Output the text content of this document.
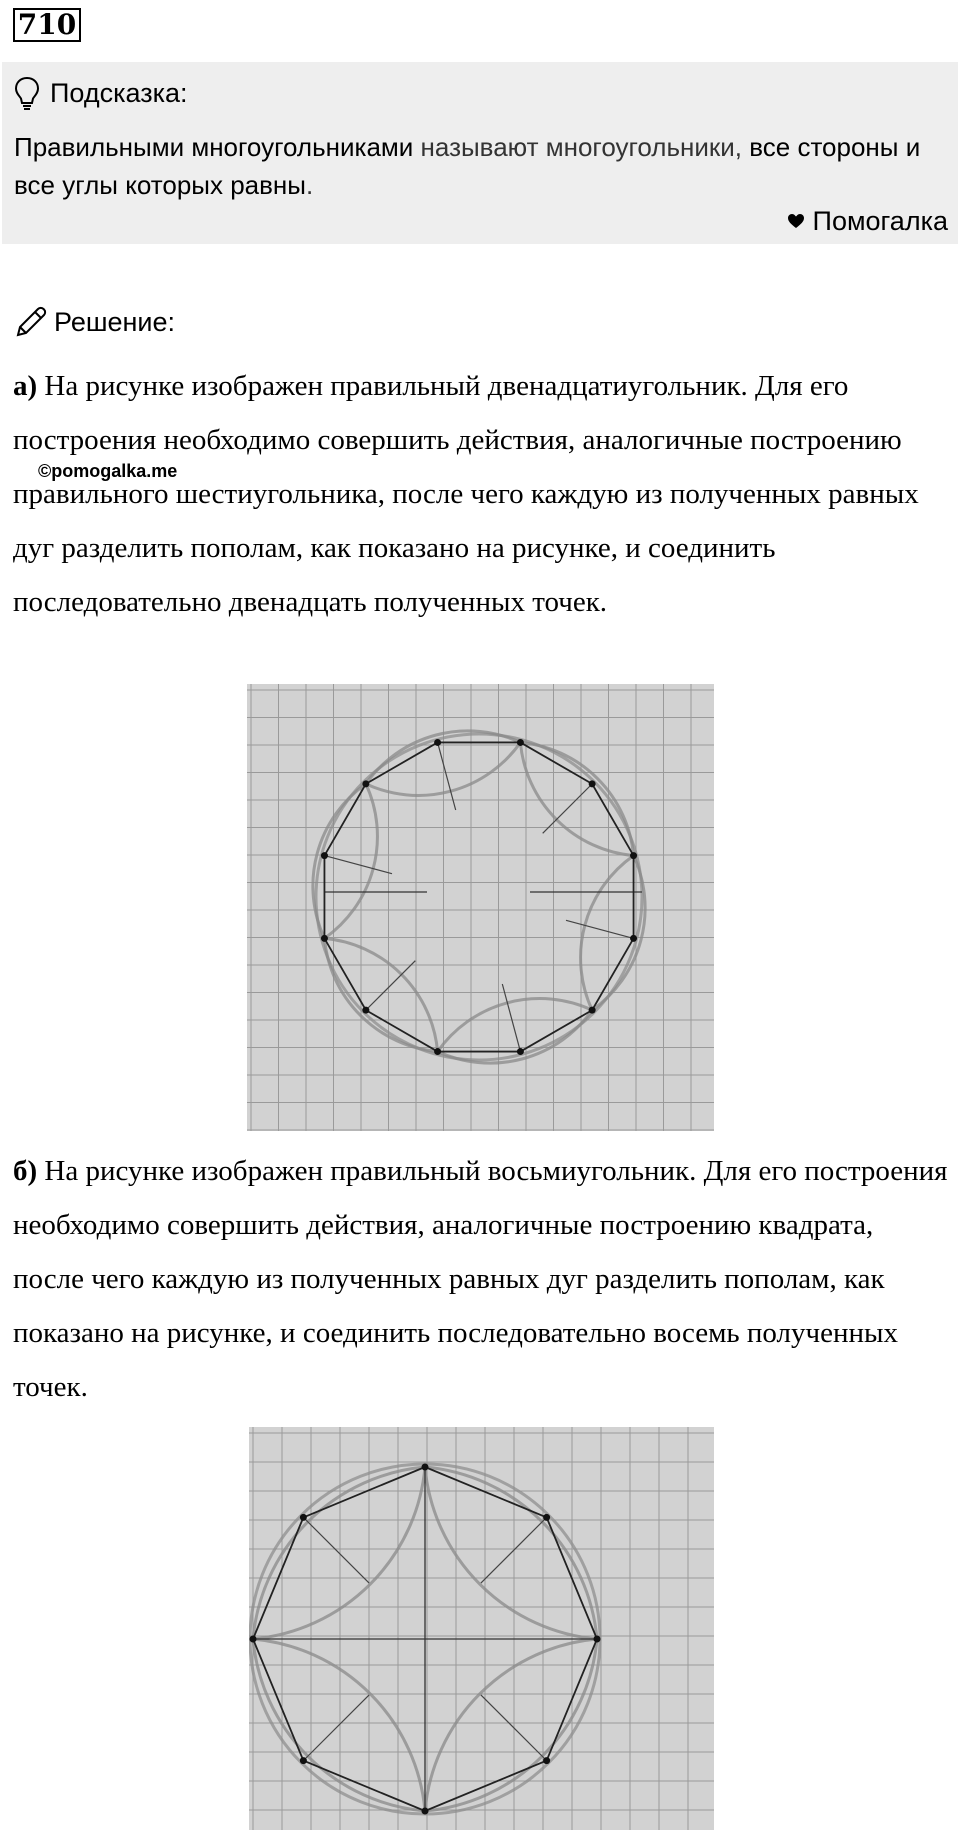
710
Подсказка:
Правильными многоугольниками называют многоугольники, все стороны и все углы которых равны.
Помогалка
Решение:
а) На рисунке изображен правильный двенадцатиугольник. Для его построения необходимо совершить действия, аналогичные построению правильного шестиугольника, после чего каждую из полученных равных дуг разделить пополам, как показано на рисунке, и соединить последовательно двенадцать полученных точек.
©pomogalka.me
б) На рисунке изображен правильный восьмиугольник. Для его построения необходимо совершить действия, аналогичные построению квадрата, после чего каждую из полученных равных дуг разделить пополам, как показано на рисунке, и соединить последовательно восемь полученных точек.
